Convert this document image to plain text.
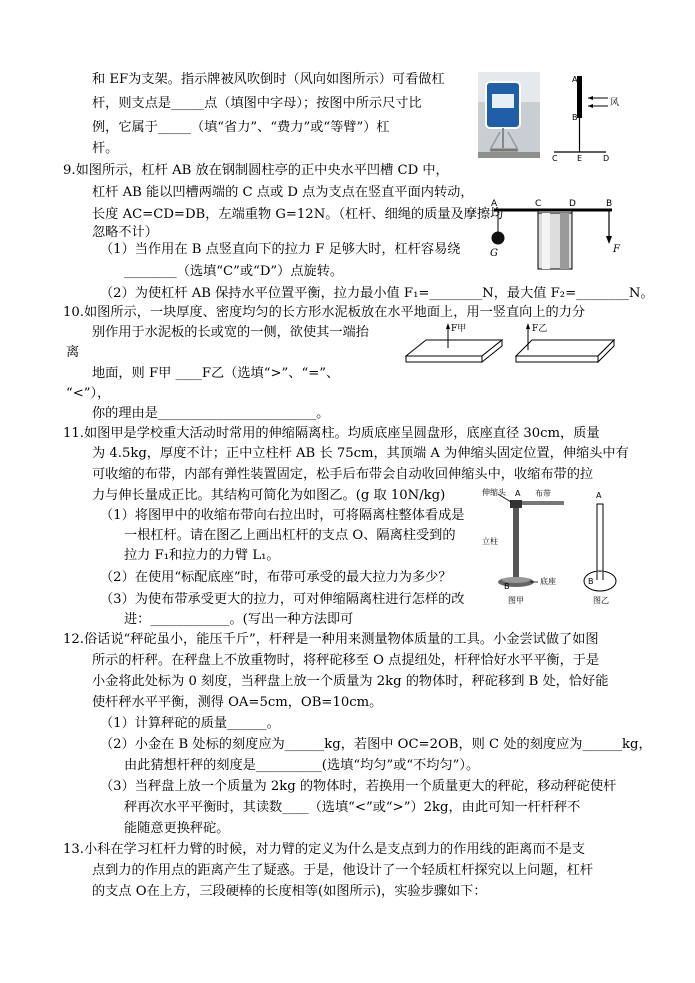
和 EF为支架。指示牌被风吹倒时（风向如图所示）可看做杠
杆，则支点是_____点（填图中字母）；按图中所示尺寸比
例，它属于_____（填“省力”、“费力”或“等臂”）杠
杆。
9.如图所示，杠杆 AB 放在钢制圆柱亭的正中央水平凹槽 CD 中，
杠杆 AB 能以凹槽两端的 C 点或 D 点为支点在竖直平面内转动，
长度 AC=CD=DB，左端重物 G=12N。（杠杆、细绳的质量及摩擦均
忽略不计）
（1）当作用在 B 点竖直向下的拉力 F 足够大时，杠杆容易绕
________（选填“C”或“D”）点旋转。
（2）为使杠杆 AB 保持水平位置平衡，拉力最小值 F₁=________N，最大值 F₂=________N。
10.如图所示，一块厚度、密度均匀的长方形水泥板放在水平地面上，用一竖直向上的力分
别作用于水泥板的长或宽的一侧，欲使其一端抬
离
地面，则 F甲 ____F乙（选填“>”、“=”、
“<”），
你的理由是________________________。
11.如图甲是学校重大活动时常用的伸缩隔离柱。均质底座呈圆盘形，底座直径 30cm，质量
为 4.5kg，厚度不计；正中立柱杆 AB 长 75cm，其顶端 A 为伸缩头固定位置，伸缩头中有
可收缩的布带，内部有弹性装置固定，松手后布带会自动收回伸缩头中，收缩布带的拉
力与伸长量成正比。其结构可简化为如图乙。(g 取 10N/kg)
（1）将图甲中的收缩布带向右拉出时，可将隔离柱整体看成是
一根杠杆。请在图乙上画出杠杆的支点 O、隔离柱受到的
拉力 F₁和拉力的力臂 L₁。
（2）在使用“标配底座”时，布带可承受的最大拉力为多少？
（3）为使布带承受更大的拉力，可对伸缩隔离柱进行怎样的改
进：____________。(写出一种方法即可
12.俗话说“秤砣虽小，能压千斤”，杆秤是一种用来测量物体质量的工具。小金尝试做了如图
所示的杆秤。在秤盘上不放重物时，将秤砣移至 O 点提纽处，杆秤恰好水平平衡，于是
小金将此处标为 0 刻度，当秤盘上放一个质量为 2kg 的物体时，秤砣移到 B 处，恰好能
使杆秤水平平衡，测得 OA=5cm，OB=10cm。
（1）计算秤砣的质量______。
（2）小金在 B 处标的刻度应为______kg，若图中 OC=2OB，则 C 处的刻度应为______kg，
由此猜想杆秤的刻度是__________(选填“均匀”或“不均匀”）。
（3）当秤盘上放一个质量为 2kg 的物体时，若换用一个质量更大的秤砣，移动秤砣使杆
秤再次水平平衡时，其读数____（选填“<”或“>”）2kg，由此可知一杆杆秤不
能随意更换秤砣。
13.小科在学习杠杆力臂的时候，对力臂的定义为什么是支点到力的作用线的距离而不是支
点到力的作用点的距离产生了疑惑。于是，他设计了一个轻质杠杆探究以上问题，杠杆
的支点 O在上方，三段硬棒的长度相等(如图所示)，实验步骤如下：
A
B
C E	D
风
A	C	D	B
G	F
F甲	F乙
伸缩头 A 布带
立柱
B
底座
图甲
A
B
图乙
